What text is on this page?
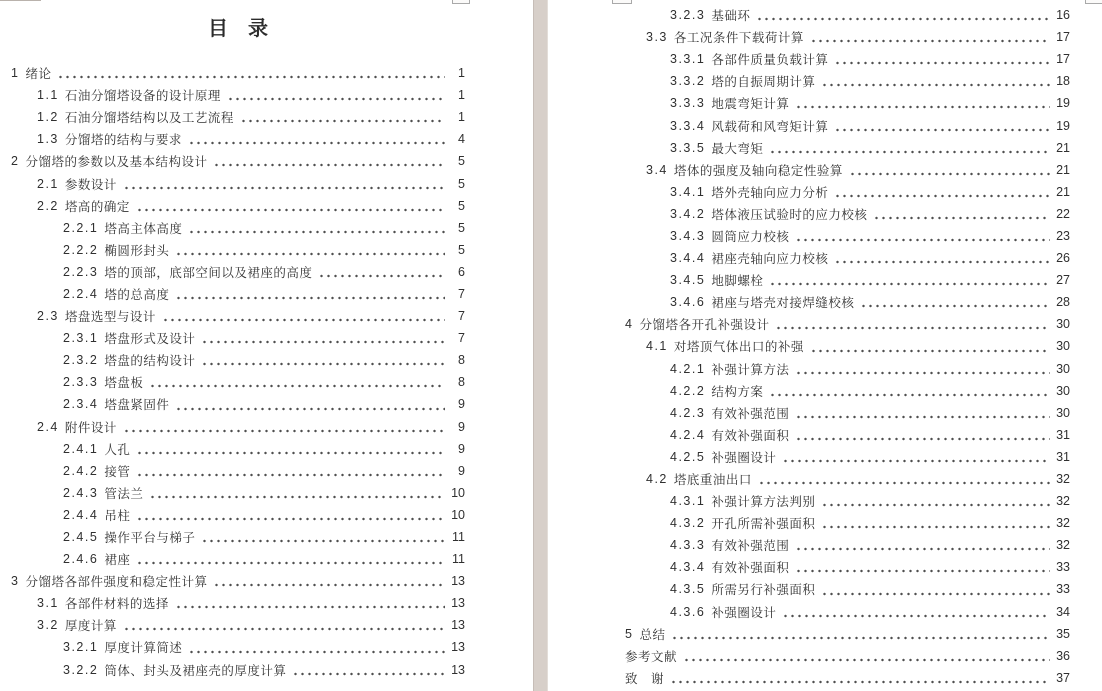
目　录
1 绪论	1
1.1 石油分馏塔设备的设计原理	1
1.2 石油分馏塔结构以及工艺流程	1
1.3 分馏塔的结构与要求	4
2 分馏塔的参数以及基本结构设计	5
2.1 参数设计	5
2.2 塔高的确定	5
2.2.1 塔高主体高度	5
2.2.2 椭圆形封头	5
2.2.3 塔的顶部，底部空间以及裙座的高度	6
2.2.4 塔的总高度	7
2.3 塔盘选型与设计	7
2.3.1 塔盘形式及设计	7
2.3.2 塔盘的结构设计	8
2.3.3 塔盘板	8
2.3.4 塔盘紧固件	9
2.4 附件设计	9
2.4.1 人孔	9
2.4.2 接管	9
2.4.3 管法兰	10
2.4.4 吊柱	10
2.4.5 操作平台与梯子	11
2.4.6 裙座	11
3 分馏塔各部件强度和稳定性计算	13
3.1 各部件材料的选择	13
3.2 厚度计算	13
3.2.1 厚度计算简述	13
3.2.2 筒体、封头及裙座壳的厚度计算	13
3.2.3 基础环	16
3.3 各工况条件下载荷计算	17
3.3.1 各部件质量负载计算	17
3.3.2 塔的自振周期计算	18
3.3.3 地震弯矩计算	19
3.3.4 风载荷和风弯矩计算	19
3.3.5 最大弯矩	21
3.4 塔体的强度及轴向稳定性验算	21
3.4.1 塔外壳轴向应力分析	21
3.4.2 塔体液压试验时的应力校核	22
3.4.3 圆筒应力校核	23
3.4.4 裙座壳轴向应力校核	26
3.4.5 地脚螺栓	27
3.4.6 裙座与塔壳对接焊缝校核	28
4 分馏塔各开孔补强设计	30
4.1 对塔顶气体出口的补强	30
4.2.1 补强计算方法	30
4.2.2 结构方案	30
4.2.3 有效补强范围	30
4.2.4 有效补强面积	31
4.2.5 补强圈设计	31
4.2 塔底重油出口	32
4.3.1 补强计算方法判别	32
4.3.2 开孔所需补强面积	32
4.3.3 有效补强范围	32
4.3.4 有效补强面积	33
4.3.5 所需另行补强面积	33
4.3.6 补强圈设计	34
5 总结	35
参考文献	36
致　谢	37
